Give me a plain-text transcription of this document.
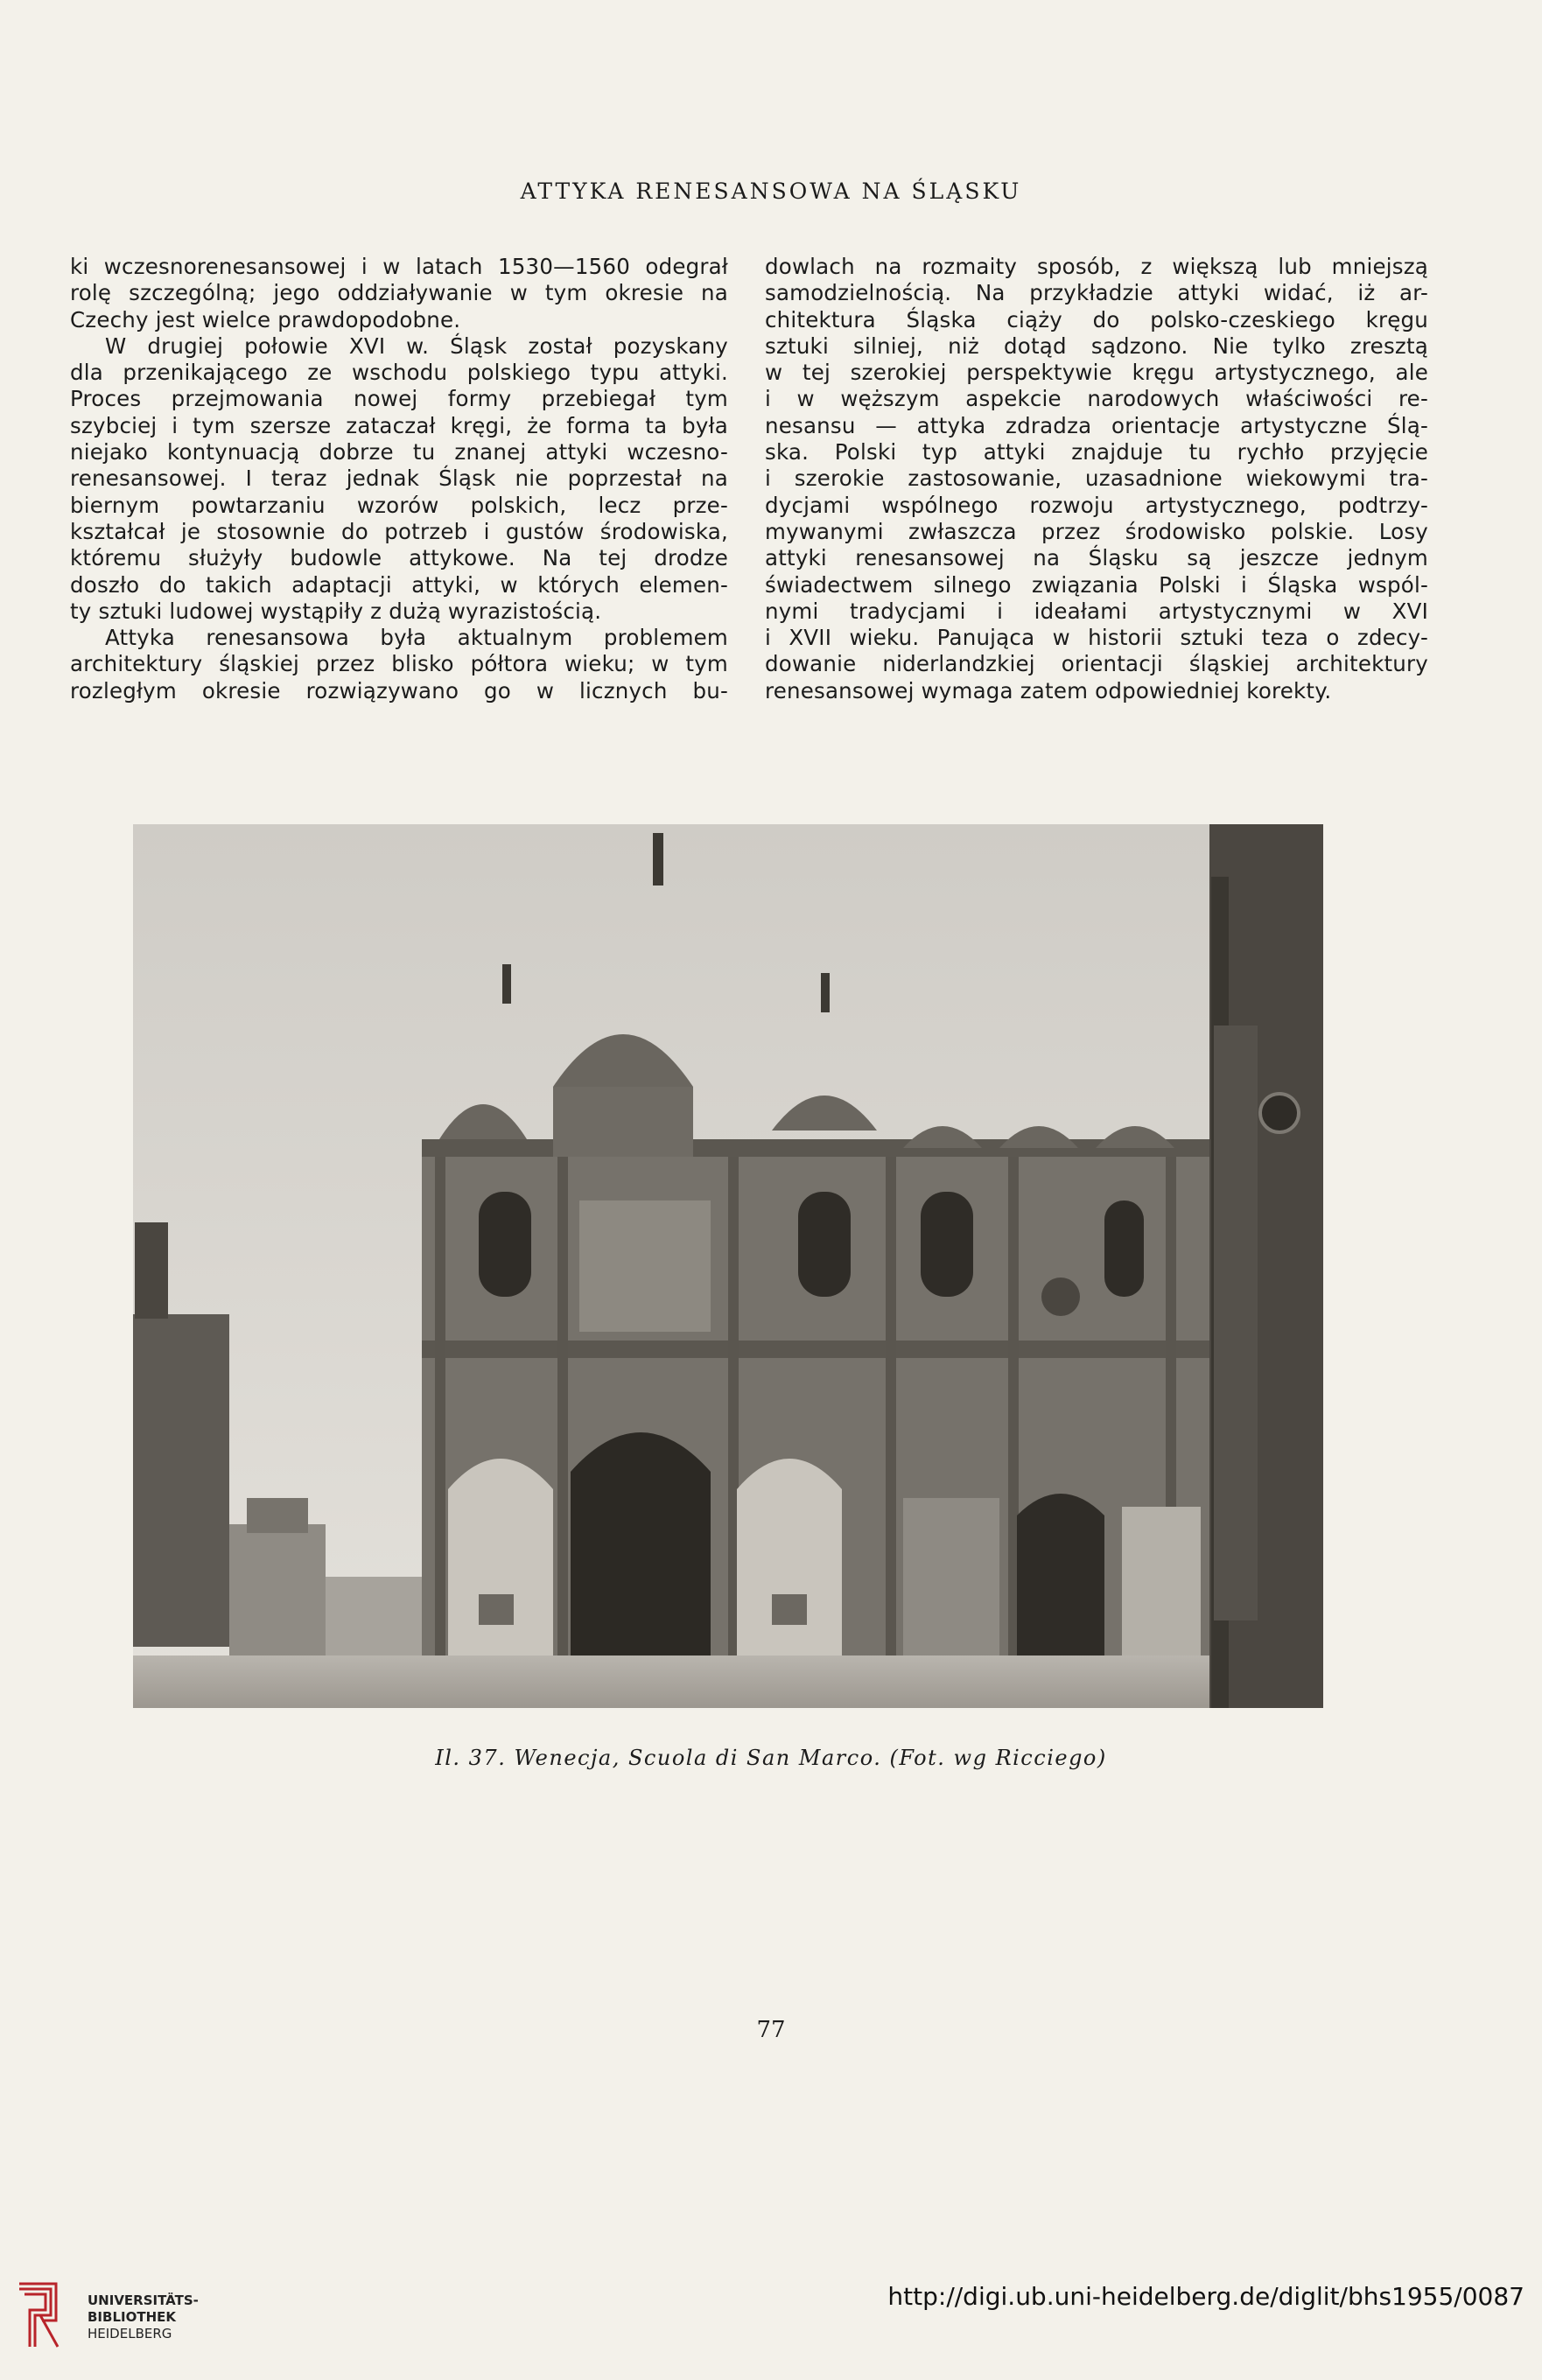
ATTYKA RENESANSOWA NA ŚLĄSKU
ki wczesnorenesansowej i w latach 1530—1560 odegrał
rolę szczególną; jego oddziaływanie w tym okresie na
Czechy jest wielce prawdopodobne.
W drugiej połowie XVI w. Śląsk został pozyskany
dla przenikającego ze wschodu polskiego typu attyki.
Proces przejmowania nowej formy przebiegał tym
szybciej i tym szersze zataczał kręgi, że forma ta była
niejako kontynuacją dobrze tu znanej attyki wczesno-
renesansowej. I teraz jednak Śląsk nie poprzestał na
biernym powtarzaniu wzorów polskich, lecz prze-
kształcał je stosownie do potrzeb i gustów środowiska,
któremu służyły budowle attykowe. Na tej drodze
doszło do takich adaptacji attyki, w których elemen-
ty sztuki ludowej wystąpiły z dużą wyrazistością.
Attyka renesansowa była aktualnym problemem
architektury śląskiej przez blisko półtora wieku; w tym
rozległym okresie rozwiązywano go w licznych bu-
dowlach na rozmaity sposób, z większą lub mniejszą
samodzielnością. Na przykładzie attyki widać, iż ar-
chitektura Śląska ciąży do polsko-czeskiego kręgu
sztuki silniej, niż dotąd sądzono. Nie tylko zresztą
w tej szerokiej perspektywie kręgu artystycznego, ale
i w węższym aspekcie narodowych właściwości re-
nesansu — attyka zdradza orientacje artystyczne Ślą-
ska. Polski typ attyki znajduje tu rychło przyjęcie
i szerokie zastosowanie, uzasadnione wiekowymi tra-
dycjami wspólnego rozwoju artystycznego, podtrzy-
mywanymi zwłaszcza przez środowisko polskie. Losy
attyki renesansowej na Śląsku są jeszcze jednym
świadectwem silnego związania Polski i Śląska wspól-
nymi tradycjami i ideałami artystycznymi w XVI
i XVII wieku. Panująca w historii sztuki teza o zdecy-
dowanie niderlandzkiej orientacji śląskiej architektury
renesansowej wymaga zatem odpowiedniej korekty.
Il. 37. Wenecja, Scuola di San Marco. (Fot. wg Ricciego)
77
UNIVERSITÄTS-
BIBLIOTHEK
HEIDELBERG
http://digi.ub.uni-heidelberg.de/diglit/bhs1955/0087
